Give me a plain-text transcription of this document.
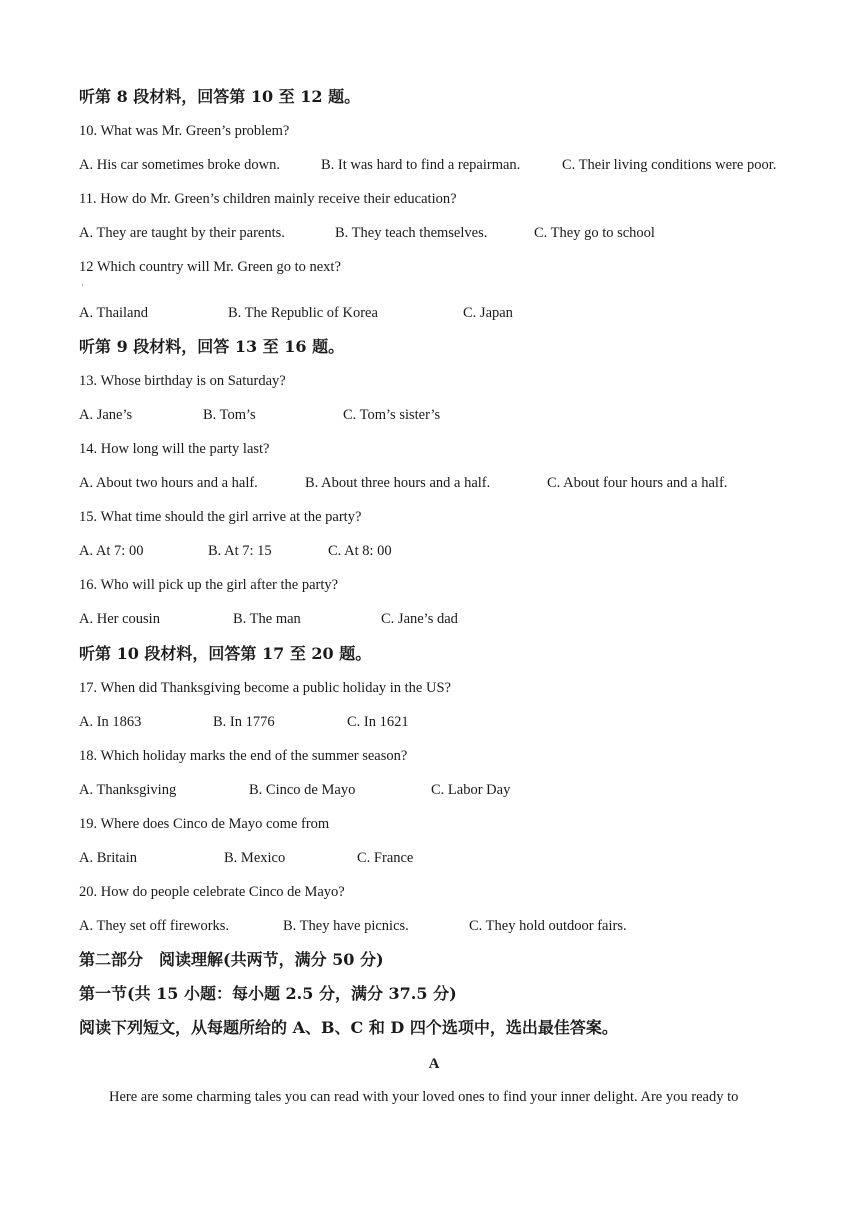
听第 8 段材料，回答第 10 至 12 题。
10. What was Mr. Green’s problem?
A. His car sometimes broke down.	B. It was hard to find a repairman.	C. Their living conditions were poor.
11. How do Mr. Green’s children mainly receive their education?
A. They are taught by their parents.	B. They teach themselves.	C. They go to school
12 Which country will Mr. Green go to next?
·
A. Thailand	B. The Republic of Korea	C. Japan
听第 9 段材料，回答 13 至 16 题。
13. Whose birthday is on Saturday?
A. Jane’s	B. Tom’s	C. Tom’s sister’s
14. How long will the party last?
A. About two hours and a half.	B. About three hours and a half.	C. About four hours and a half.
15. What time should the girl arrive at the party?
A. At 7: 00	B. At 7: 15	C. At 8: 00
16. Who will pick up the girl after the party?
A. Her cousin	B. The man	C. Jane’s dad
听第 10 段材料，回答第 17 至 20 题。
17. When did Thanksgiving become a public holiday in the US?
A. In 1863	B. In 1776	C. In 1621
18. Which holiday marks the end of the summer season?
A. Thanksgiving	B. Cinco de Mayo	C. Labor Day
19. Where does Cinco de Mayo come from
A. Britain	B. Mexico	C. France
20. How do people celebrate Cinco de Mayo?
A. They set off fireworks.	B. They have picnics.	C. They hold outdoor fairs.
第二部分　阅读理解(共两节，满分 50 分)
第一节(共 15 小题：每小题 2.5 分，满分 37.5 分)
阅读下列短文，从每题所给的 A、B、C 和 D 四个选项中，选出最佳答案。
A
Here are some charming tales you can read with your loved ones to find your inner delight. Are you ready to
